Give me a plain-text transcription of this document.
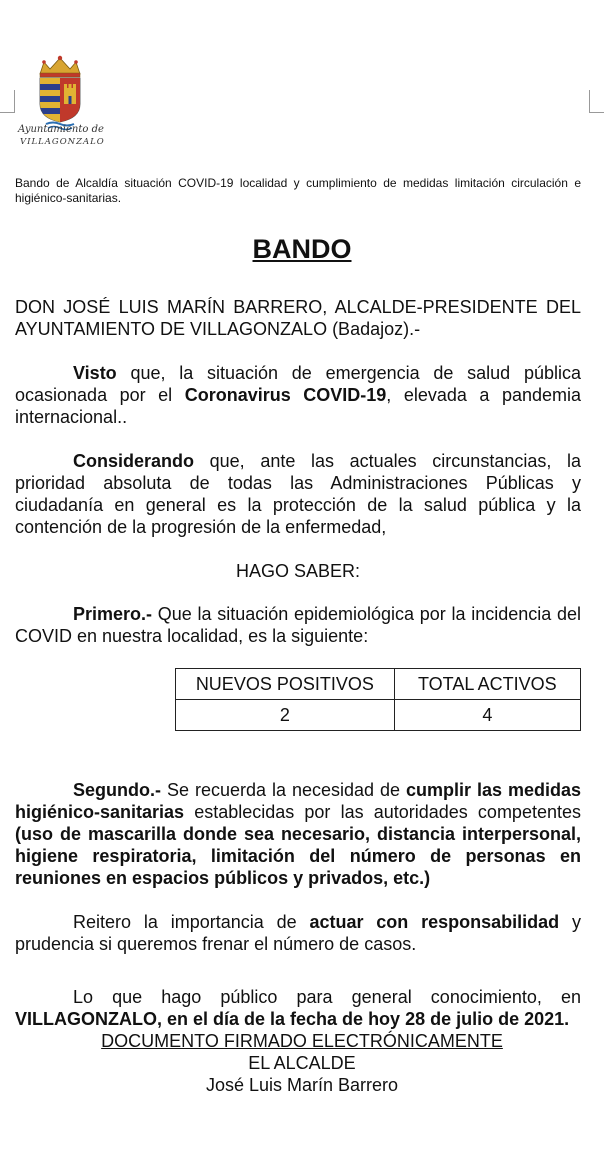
Ayuntamiento de
VILLAGONZALO
Bando de Alcaldía situación COVID-19 localidad y cumplimiento de medidas limitación circulación e higiénico-sanitarias.
BANDO
DON JOSÉ LUIS MARÍN BARRERO, ALCALDE-PRESIDENTE DEL AYUNTAMIENTO DE VILLAGONZALO (Badajoz).-
Visto que, la situación de emergencia de salud pública ocasionada por el Coronavirus COVID-19, elevada a pandemia internacional..
Considerando que, ante las actuales circunstancias, la prioridad absoluta de todas las Administraciones Públicas y ciudadanía en general es la protección de la salud pública y la contención de la progresión de la enfermedad,
HAGO SABER:
Primero.- Que la situación epidemiológica por la incidencia del COVID en nuestra localidad, es la siguiente:
NUEVOS POSITIVOS	TOTAL ACTIVOS
2	4
Segundo.- Se recuerda la necesidad de cumplir las medidas higiénico-sanitarias establecidas por las autoridades competentes (uso de mascarilla donde sea necesario, distancia interpersonal, higiene respiratoria, limitación del número de personas en reuniones en espacios públicos y privados, etc.)
Reitero la importancia de actuar con responsabilidad y prudencia si queremos frenar el número de casos.
Lo que hago público para general conocimiento, en VILLAGONZALO, en el día de la fecha de hoy 28 de julio de 2021.
DOCUMENTO FIRMADO ELECTRÓNICAMENTE
EL ALCALDE
José Luis Marín Barrero
